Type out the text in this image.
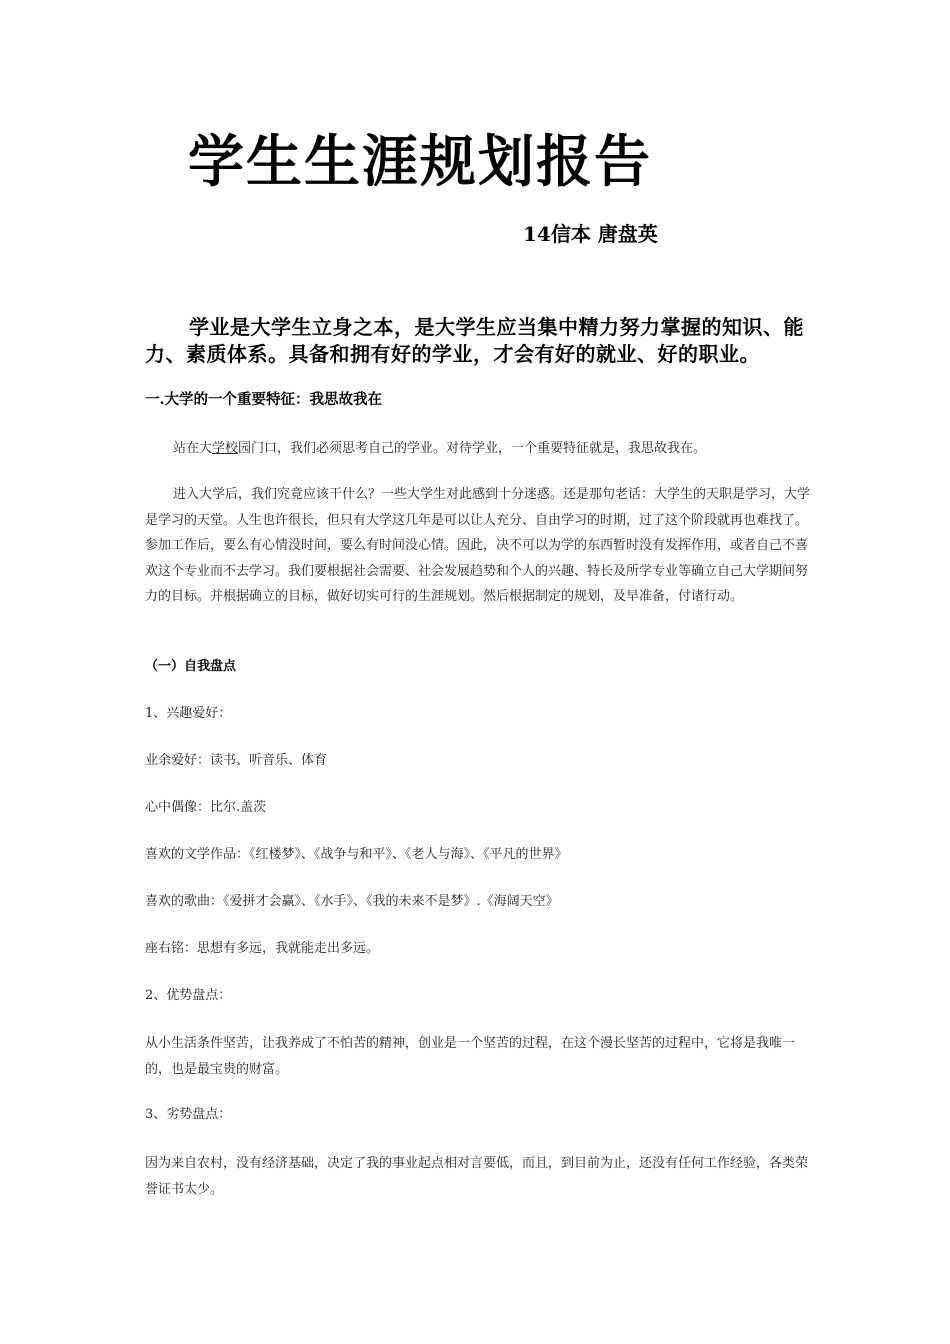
学生生涯规划报告
14信本 唐盘英

学业是大学生立身之本，是大学生应当集中精力努力掌握的知识、能力、素质体系。具备和拥有好的学业，才会有好的就业、好的职业。

一.大学的一个重要特征：我思故我在

站在大学校园门口，我们必须思考自己的学业。对待学业，一个重要特征就是，我思故我在。

进入大学后，我们究竟应该干什么？一些大学生对此感到十分迷惑。还是那句老话：大学生的天职是学习，大学是学习的天堂。人生也许很长，但只有大学这几年是可以让人充分、自由学习的时期，过了这个阶段就再也难找了。参加工作后，要么有心情没时间，要么有时间没心情。因此，决不可以为学的东西暂时没有发挥作用，或者自己不喜欢这个专业而不去学习。我们要根据社会需要、社会发展趋势和个人的兴趣、特长及所学专业等确立自己大学期间努力的目标。并根据确立的目标，做好切实可行的生涯规划。然后根据制定的规划，及早准备，付诸行动。

（一）自我盘点
1、兴趣爱好：
业余爱好：读书、听音乐、体育
心中偶像：比尔.盖茨
喜欢的文学作品：《红楼梦》、《战争与和平》、《老人与海》、《平凡的世界》
喜欢的歌曲：《爱拼才会赢》、《水手》、《我的未来不是梦》.《海阔天空》
座右铭：思想有多远，我就能走出多远。
2、优势盘点：

从小生活条件坚苦，让我养成了不怕苦的精神，创业是一个坚苦的过程，在这个漫长坚苦的过程中，它将是我唯一的，也是最宝贵的财富。

3、劣势盘点：

因为来自农村，没有经济基础，决定了我的事业起点相对言要低，而且，到目前为止，还没有任何工作经验，各类荣誉证书太少。
